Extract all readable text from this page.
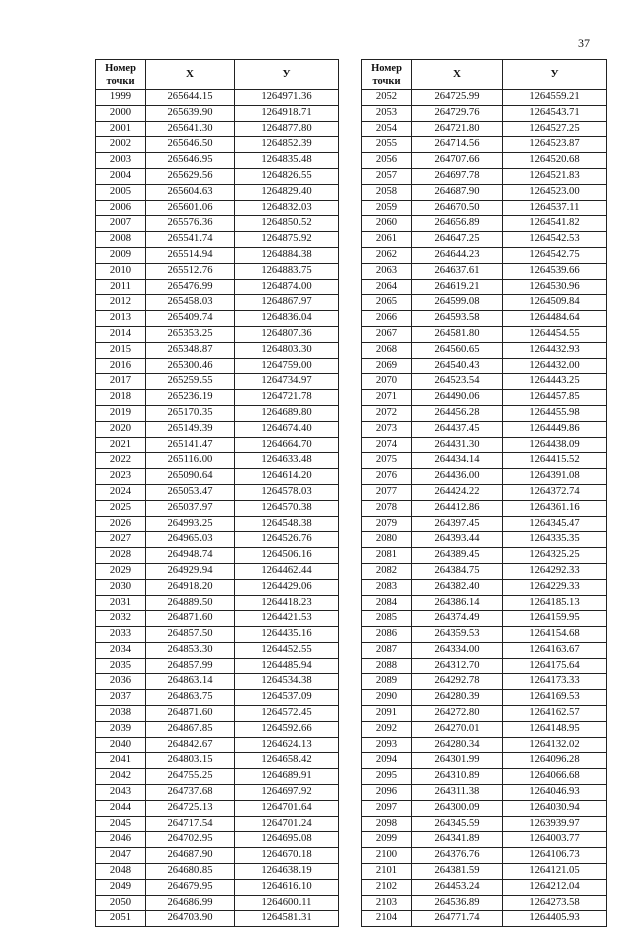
37
Номер
точки	X	У
1999	265644.15	1264971.36
2000	265639.90	1264918.71
2001	265641.30	1264877.80
2002	265646.50	1264852.39
2003	265646.95	1264835.48
2004	265629.56	1264826.55
2005	265604.63	1264829.40
2006	265601.06	1264832.03
2007	265576.36	1264850.52
2008	265541.74	1264875.92
2009	265514.94	1264884.38
2010	265512.76	1264883.75
2011	265476.99	1264874.00
2012	265458.03	1264867.97
2013	265409.74	1264836.04
2014	265353.25	1264807.36
2015	265348.87	1264803.30
2016	265300.46	1264759.00
2017	265259.55	1264734.97
2018	265236.19	1264721.78
2019	265170.35	1264689.80
2020	265149.39	1264674.40
2021	265141.47	1264664.70
2022	265116.00	1264633.48
2023	265090.64	1264614.20
2024	265053.47	1264578.03
2025	265037.97	1264570.38
2026	264993.25	1264548.38
2027	264965.03	1264526.76
2028	264948.74	1264506.16
2029	264929.94	1264462.44
2030	264918.20	1264429.06
2031	264889.50	1264418.23
2032	264871.60	1264421.53
2033	264857.50	1264435.16
2034	264853.30	1264452.55
2035	264857.99	1264485.94
2036	264863.14	1264534.38
2037	264863.75	1264537.09
2038	264871.60	1264572.45
2039	264867.85	1264592.66
2040	264842.67	1264624.13
2041	264803.15	1264658.42
2042	264755.25	1264689.91
2043	264737.68	1264697.92
2044	264725.13	1264701.64
2045	264717.54	1264701.24
2046	264702.95	1264695.08
2047	264687.90	1264670.18
2048	264680.85	1264638.19
2049	264679.95	1264616.10
2050	264686.99	1264600.11
2051	264703.90	1264581.31
Номер
точки	X	У
2052	264725.99	1264559.21
2053	264729.76	1264543.71
2054	264721.80	1264527.25
2055	264714.56	1264523.87
2056	264707.66	1264520.68
2057	264697.78	1264521.83
2058	264687.90	1264523.00
2059	264670.50	1264537.11
2060	264656.89	1264541.82
2061	264647.25	1264542.53
2062	264644.23	1264542.75
2063	264637.61	1264539.66
2064	264619.21	1264530.96
2065	264599.08	1264509.84
2066	264593.58	1264484.64
2067	264581.80	1264454.55
2068	264560.65	1264432.93
2069	264540.43	1264432.00
2070	264523.54	1264443.25
2071	264490.06	1264457.85
2072	264456.28	1264455.98
2073	264437.45	1264449.86
2074	264431.30	1264438.09
2075	264434.14	1264415.52
2076	264436.00	1264391.08
2077	264424.22	1264372.74
2078	264412.86	1264361.16
2079	264397.45	1264345.47
2080	264393.44	1264335.35
2081	264389.45	1264325.25
2082	264384.75	1264292.33
2083	264382.40	1264229.33
2084	264386.14	1264185.13
2085	264374.49	1264159.95
2086	264359.53	1264154.68
2087	264334.00	1264163.67
2088	264312.70	1264175.64
2089	264292.78	1264173.33
2090	264280.39	1264169.53
2091	264272.80	1264162.57
2092	264270.01	1264148.95
2093	264280.34	1264132.02
2094	264301.99	1264096.28
2095	264310.89	1264066.68
2096	264311.38	1264046.93
2097	264300.09	1264030.94
2098	264345.59	1263939.97
2099	264341.89	1264003.77
2100	264376.76	1264106.73
2101	264381.59	1264121.05
2102	264453.24	1264212.04
2103	264536.89	1264273.58
2104	264771.74	1264405.93
